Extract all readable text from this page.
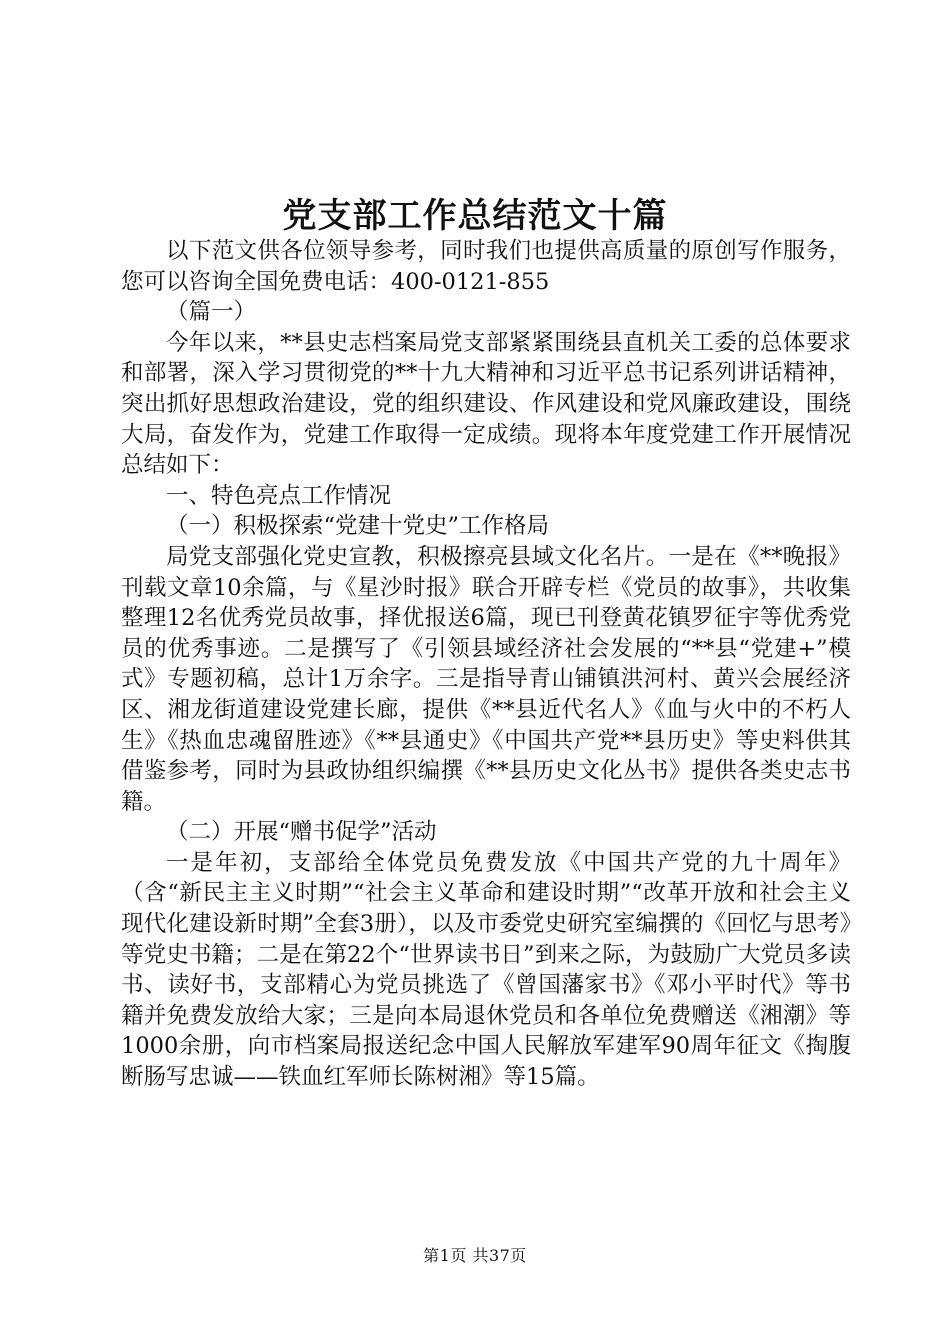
党支部工作总结范文十篇

以下范文供各位领导参考，同时我们也提供高质量的原创写作服务，您可以咨询全国免费电话：400-0121-855

（篇一）

今年以来，**县史志档案局党支部紧紧围绕县直机关工委的总体要求和部署，深入学习贯彻党的**十九大精神和习近平总书记系列讲话精神，突出抓好思想政治建设，党的组织建设、作风建设和党风廉政建设，围绕大局，奋发作为，党建工作取得一定成绩。现将本年度党建工作开展情况总结如下：

一、特色亮点工作情况

（一）积极探索“党建十党史”工作格局

局党支部强化党史宣教，积极擦亮县域文化名片。一是在《**晚报》刊载文章10余篇，与《星沙时报》联合开辟专栏《党员的故事》，共收集整理12名优秀党员故事，择优报送6篇，现已刊登黄花镇罗征宇等优秀党员的优秀事迹。二是撰写了《引领县域经济社会发展的“**县“党建+”模式》专题初稿，总计1万余字。三是指导青山铺镇洪河村、黄兴会展经济区、湘龙街道建设党建长廊，提供《**县近代名人》《血与火中的不朽人生》《热血忠魂留胜迹》《**县通史》《中国共产党**县历史》等史料供其借鉴参考，同时为县政协组织编撰《**县历史文化丛书》提供各类史志书籍。

（二）开展“赠书促学”活动

一是年初，支部给全体党员免费发放《中国共产党的九十周年》（含“新民主主义时期”“社会主义革命和建设时期”“改革开放和社会主义现代化建设新时期”全套3册），以及市委党史研究室编撰的《回忆与思考》等党史书籍；二是在第22个“世界读书日”到来之际，为鼓励广大党员多读书、读好书，支部精心为党员挑选了《曾国藩家书》《邓小平时代》等书籍并免费发放给大家；三是向本局退休党员和各单位免费赠送《湘潮》等1000余册，向市档案局报送纪念中国人民解放军建军90周年征文《掏腹断肠写忠诚——铁血红军师长陈树湘》等15篇。

第1页 共37页
